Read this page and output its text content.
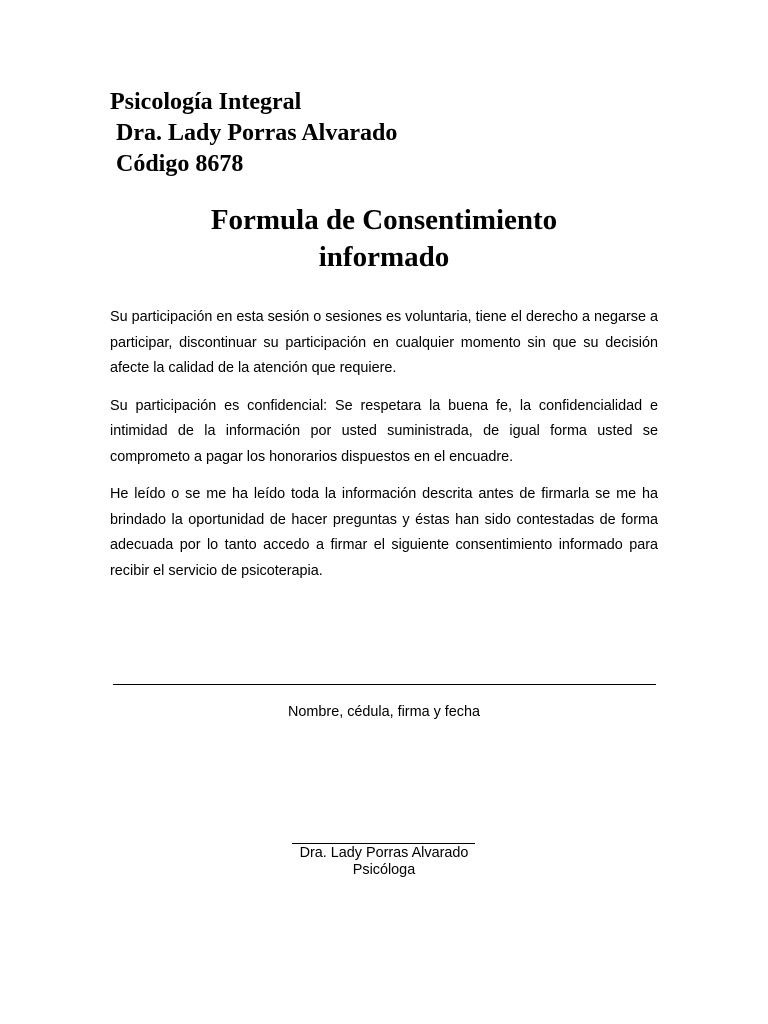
Psicología Integral
Dra. Lady Porras Alvarado
Código 8678
Formula de Consentimiento
informado

Su participación en esta sesión o sesiones es voluntaria, tiene el derecho a negarse a participar, discontinuar su participación en cualquier momento sin que su decisión afecte la calidad de la atención que requiere.

Su participación es confidencial: Se respetara la buena fe, la confidencialidad e intimidad de la información por usted suministrada, de igual forma usted se comprometo a pagar los honorarios dispuestos en el encuadre.

He leído o se me ha leído toda la información descrita antes de firmarla se me ha brindado la oportunidad de hacer preguntas y éstas han sido contestadas de forma adecuada por lo tanto accedo a firmar el siguiente consentimiento informado para recibir el servicio de psicoterapia.

Nombre, cédula, firma y fecha
Dra. Lady Porras Alvarado
Psicóloga
